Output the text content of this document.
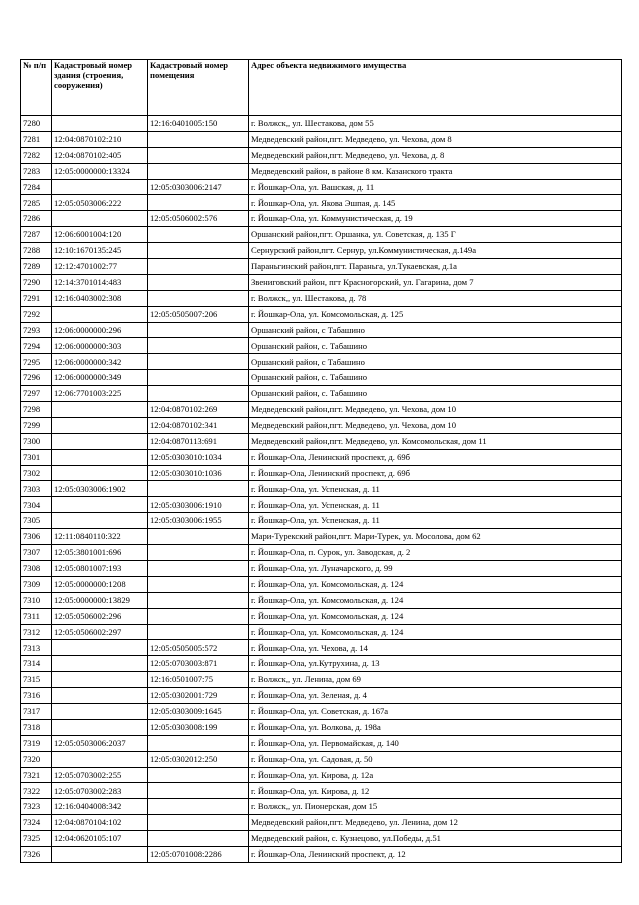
№ п/п	Кадастровый номер здания (строения, сооружения)	Кадастровый номер помещения	Адрес объекта недвижимого имущества
7280		12:16:0401005:150	г. Волжск,, ул. Шестакова, дом 55
7281	12:04:0870102:210		Медведевский район,пгт. Медведево, ул. Чехова, дом 8
7282	12:04:0870102:405		Медведевский район,пгт. Медведево, ул. Чехова, д. 8
7283	12:05:0000000:13324		Медведевский район, в районе 8 км. Казанского тракта
7284		12:05:0303006:2147	г. Йошкар-Ола, ул. Вашская, д. 11
7285	12:05:0503006:222		г. Йошкар-Ола, ул. Якова Эшпая, д. 145
7286		12:05:0506002:576	г. Йошкар-Ола, ул. Коммунистическая, д. 19
7287	12:06:6001004:120		Оршанский район,пгт. Оршанка, ул. Советская, д. 135 Г
7288	12:10:1670135:245		Сернурский район,пгт. Сернур, ул.Коммунистическая, д.149а
7289	12:12:4701002:77		Параньгинский район,пгт. Параньга, ул.Тукаевская, д.1а
7290	12:14:3701014:483		Звениговский район, пгт Красногорский, ул. Гагарина, дом 7
7291	12:16:0403002:308		г. Волжск,, ул. Шестакова, д. 78
7292		12:05:0505007:206	г. Йошкар-Ола, ул. Комсомольская, д. 125
7293	12:06:0000000:296		Оршанский район, с Табашино
7294	12:06:0000000:303		Оршанский район, с. Табашино
7295	12:06:0000000:342		Оршанский район, с Табашино
7296	12:06:0000000:349		Оршанский район, с. Табашино
7297	12:06:7701003:225		Оршанский район, с. Табашино
7298		12:04:0870102:269	Медведевский район,пгт. Медведево, ул. Чехова, дом 10
7299		12:04:0870102:341	Медведевский район,пгт. Медведево, ул. Чехова, дом 10
7300		12:04:0870113:691	Медведевский район,пгт. Медведево, ул. Комсомольская, дом 11
7301		12:05:0303010:1034	г. Йошкар-Ола, Ленинский проспект, д. 69б
7302		12:05:0303010:1036	г. Йошкар-Ола, Ленинский проспект, д. 69б
7303	12:05:0303006:1902		г. Йошкар-Ола, ул. Успенская, д. 11
7304		12:05:0303006:1910	г. Йошкар-Ола, ул. Успенская, д. 11
7305		12:05:0303006:1955	г. Йошкар-Ола, ул. Успенская, д. 11
7306	12:11:0840110:322		Мари-Турекский район,пгт. Мари-Турек, ул. Мосолова, дом 62
7307	12:05:3801001:696		г. Йошкар-Ола, п. Сурок, ул. Заводская, д. 2
7308	12:05:0801007:193		г. Йошкар-Ола, ул. Луначарского, д. 99
7309	12:05:0000000:1208		г. Йошкар-Ола, ул. Комсомольская, д. 124
7310	12:05:0000000:13829		г. Йошкар-Ола, ул. Комсомольская, д. 124
7311	12:05:0506002:296		г. Йошкар-Ола, ул. Комсомольская, д. 124
7312	12:05:0506002:297		г. Йошкар-Ола, ул. Комсомольская, д. 124
7313		12:05:0505005:572	г. Йошкар-Ола, ул. Чехова, д. 14
7314		12:05:0703003:871	г. Йошкар-Ола, ул.Кутрухина, д. 13
7315		12:16:0501007:75	г. Волжск,, ул. Ленина, дом 69
7316		12:05:0302001:729	г. Йошкар-Ола, ул. Зеленая, д. 4
7317		12:05:0303009:1645	г. Йошкар-Ола, ул. Советская, д. 167а
7318		12:05:0303008:199	г. Йошкар-Ола, ул. Волкова, д. 198а
7319	12:05:0503006:2037		г. Йошкар-Ола, ул. Первомайская, д. 140
7320		12:05:0302012:250	г. Йошкар-Ола, ул. Садовая, д. 50
7321	12:05:0703002:255		г. Йошкар-Ола, ул. Кирова, д. 12а
7322	12:05:0703002:283		г. Йошкар-Ола, ул. Кирова, д. 12
7323	12:16:0404008:342		г. Волжск,, ул. Пионерская, дом 15
7324	12:04:0870104:102		Медведевский район,пгт. Медведево, ул. Ленина, дом 12
7325	12:04:0620105:107		Медведевский район, с. Кузнецово, ул.Победы, д.51
7326		12:05:0701008:2286	г. Йошкар-Ола, Ленинский проспект, д. 12
